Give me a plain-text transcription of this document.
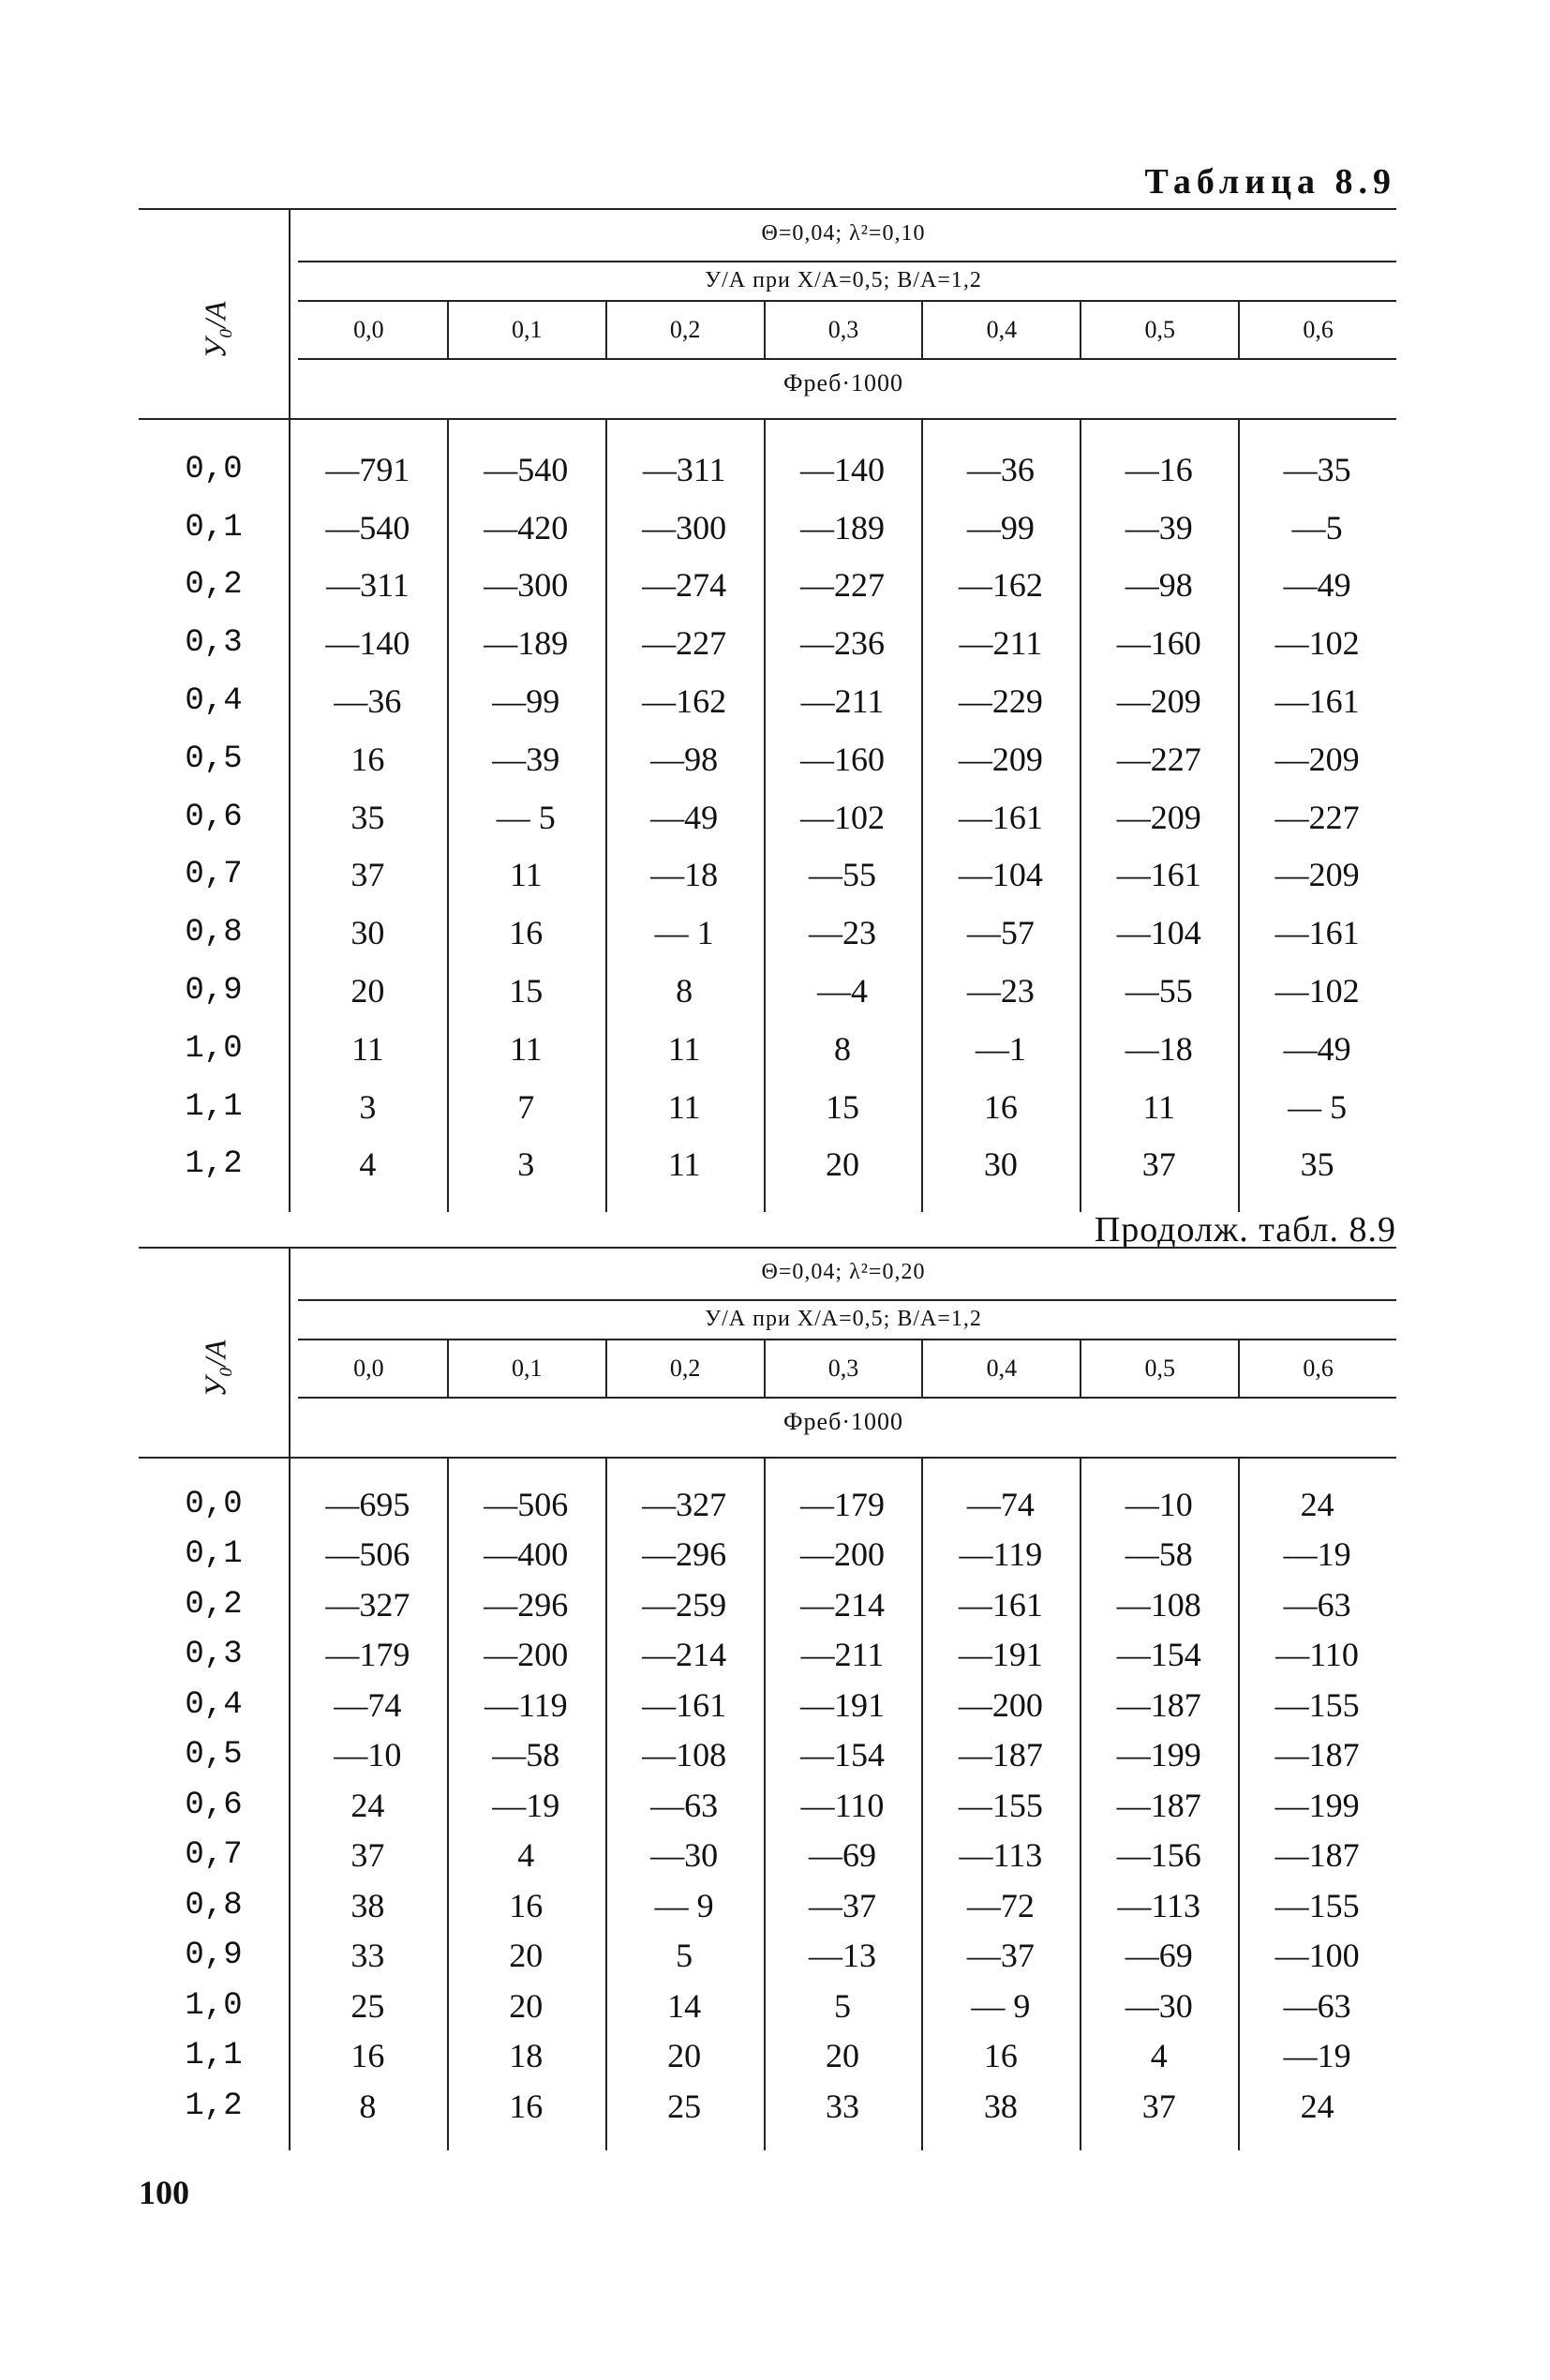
Таблица 8.9
Продолж. табл. 8.9
У₀/А
Θ=0,04; λ²=0,10
У/А при X/А=0,5; В/А=1,2
0,0	0,1	0,2	0,3	0,4	0,5	0,6
Фреб·1000
0,0	—791	—540	—311	—140	—36	—16	—35
0,1	—540	—420	—300	—189	—99	—39	—5
0,2	—311	—300	—274	—227	—162	—98	—49
0,3	—140	—189	—227	—236	—211	—160	—102
0,4	—36	—99	—162	—211	—229	—209	—161
0,5	16	—39	—98	—160	—209	—227	—209
0,6	35	— 5	—49	—102	—161	—209	—227
0,7	37	11	—18	—55	—104	—161	—209
0,8	30	16	— 1	—23	—57	—104	—161
0,9	20	15	8	—4	—23	—55	—102
1,0	11	11	11	8	—1	—18	—49
1,1	3	7	11	15	16	11	— 5
1,2	4	3	11	20	30	37	35
У₀/А
Θ=0,04; λ²=0,20
У/А при X/А=0,5; В/А=1,2
0,0	0,1	0,2	0,3	0,4	0,5	0,6
Фреб·1000
0,0	—695	—506	—327	—179	—74	—10	24
0,1	—506	—400	—296	—200	—119	—58	—19
0,2	—327	—296	—259	—214	—161	—108	—63
0,3	—179	—200	—214	—211	—191	—154	—110
0,4	—74	—119	—161	—191	—200	—187	—155
0,5	—10	—58	—108	—154	—187	—199	—187
0,6	24	—19	—63	—110	—155	—187	—199
0,7	37	4	—30	—69	—113	—156	—187
0,8	38	16	— 9	—37	—72	—113	—155
0,9	33	20	5	—13	—37	—69	—100
1,0	25	20	14	5	— 9	—30	—63
1,1	16	18	20	20	16	4	—19
1,2	8	16	25	33	38	37	24
100
